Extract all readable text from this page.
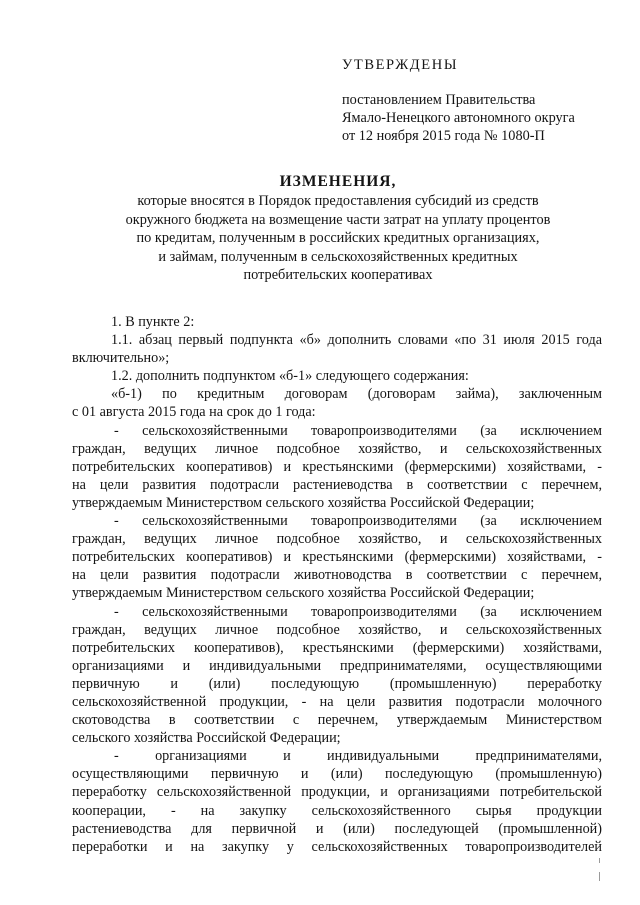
УТВЕРЖДЕНЫ
постановлением Правительства
Ямало-Ненецкого автономного округа
от 12 ноября 2015 года № 1080-П
ИЗМЕНЕНИЯ,
которые вносятся в Порядок предоставления субсидий из средств
окружного бюджета на возмещение части затрат на уплату процентов
по кредитам, полученным в российских кредитных организациях,
и займам, полученным в сельскохозяйственных кредитных
потребительских кооперативах
1. В пункте 2:
1.1. абзац первый подпункта «б» дополнить словами «по 31 июля 2015 года
включительно»;
1.2. дополнить подпунктом «б-1» следующего содержания:
«б-1) по кредитным договорам (договорам займа), заключенным
с 01 августа 2015 года на срок до 1 года:
- сельскохозяйственными товаропроизводителями (за исключением
граждан, ведущих личное подсобное хозяйство, и сельскохозяйственных
потребительских кооперативов) и крестьянскими (фермерскими) хозяйствами, -
на цели развития подотрасли растениеводства в соответствии с перечнем,
утверждаемым Министерством сельского хозяйства Российской Федерации;
- сельскохозяйственными товаропроизводителями (за исключением
граждан, ведущих личное подсобное хозяйство, и сельскохозяйственных
потребительских кооперативов) и крестьянскими (фермерскими) хозяйствами, -
на цели развития подотрасли животноводства в соответствии с перечнем,
утверждаемым Министерством сельского хозяйства Российской Федерации;
- сельскохозяйственными товаропроизводителями (за исключением
граждан, ведущих личное подсобное хозяйство, и сельскохозяйственных
потребительских кооперативов), крестьянскими (фермерскими) хозяйствами,
организациями и индивидуальными предпринимателями, осуществляющими
первичную и (или) последующую (промышленную) переработку
сельскохозяйственной продукции, - на цели развития подотрасли молочного
скотоводства в соответствии с перечнем, утверждаемым Министерством
сельского хозяйства Российской Федерации;
- организациями и индивидуальными предпринимателями,
осуществляющими первичную и (или) последующую (промышленную)
переработку сельскохозяйственной продукции, и организациями потребительской
кооперации, - на закупку сельскохозяйственного сырья продукции
растениеводства для первичной и (или) последующей (промышленной)
переработки и на закупку у сельскохозяйственных товаропроизводителей
